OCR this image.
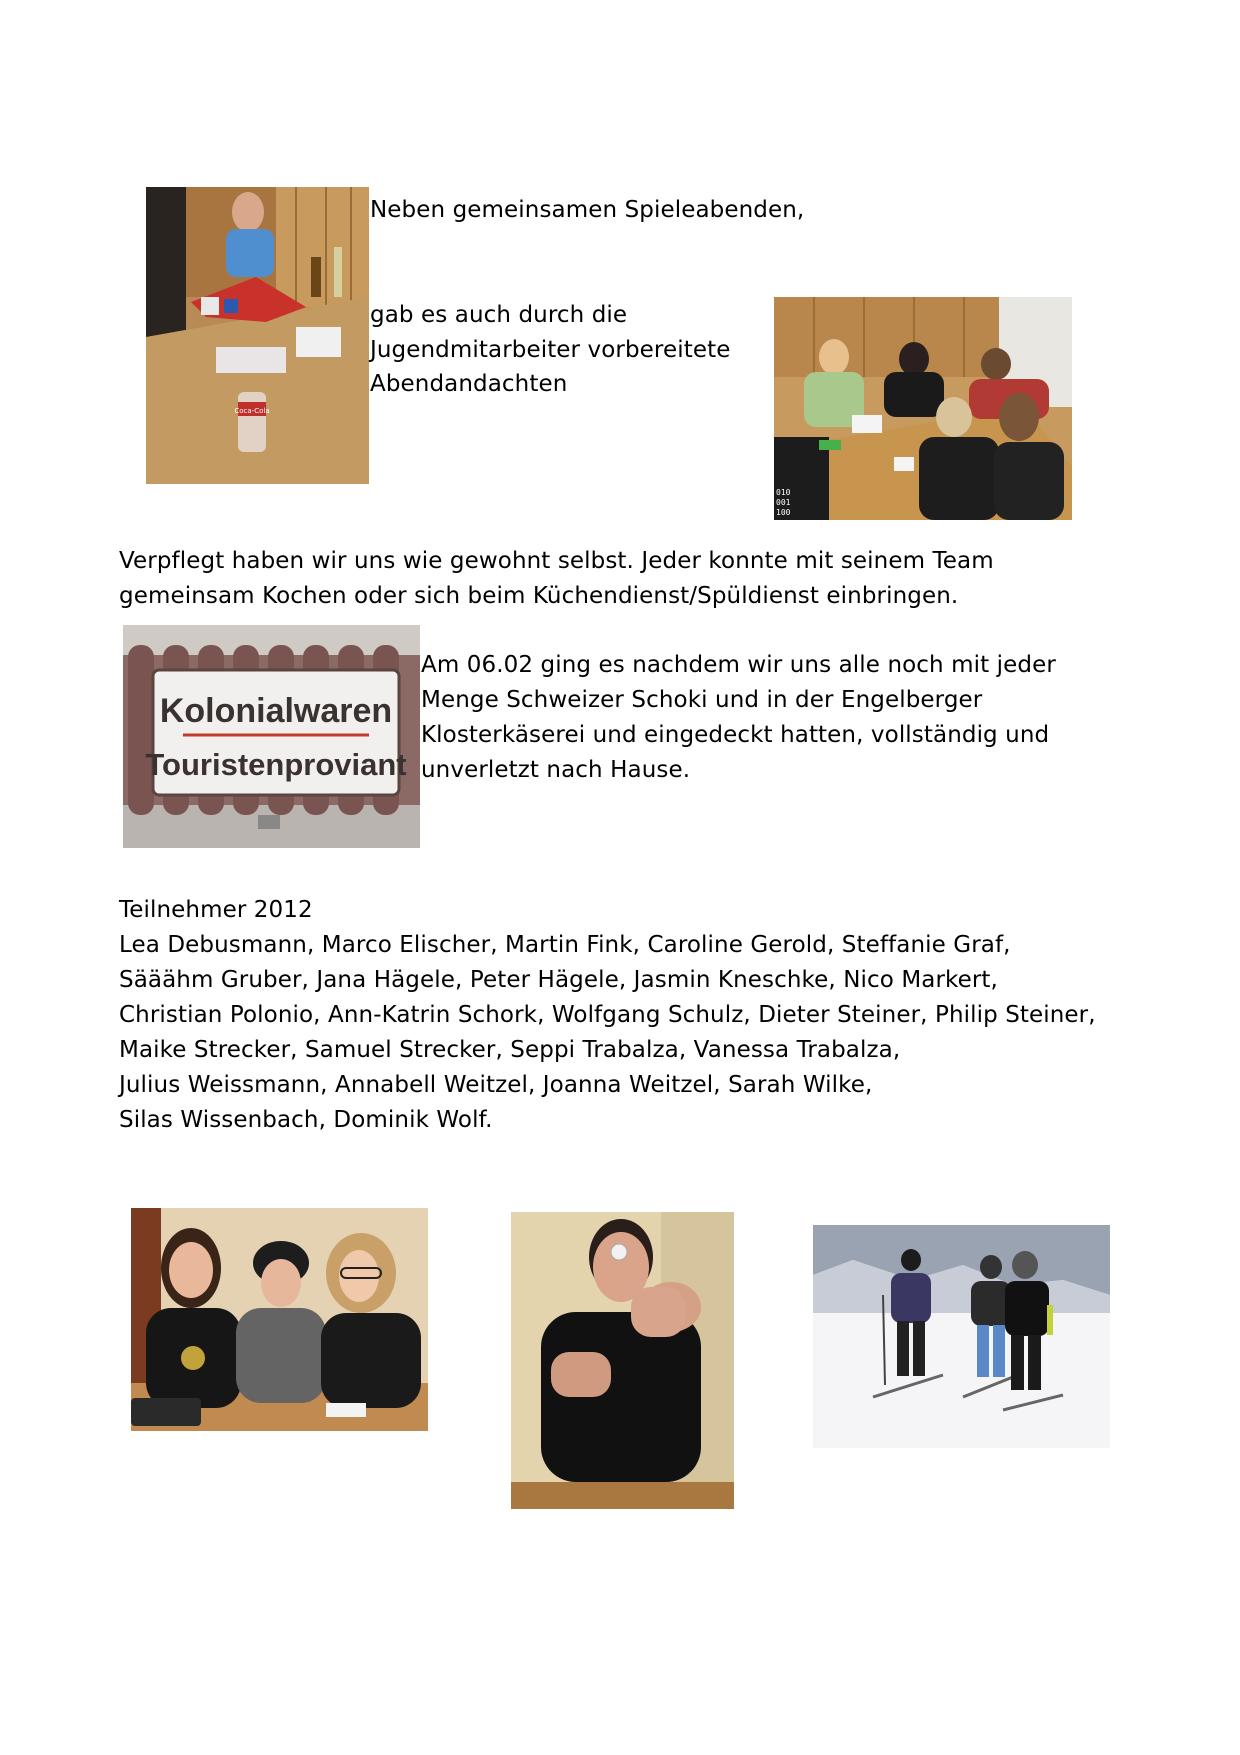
Coca-Cola
Neben gemeinsamen Spieleabenden,
gab es auch durch die
Jugendmitarbeiter vorbereitete
Abendandachten
010
001
100
Verpflegt haben wir uns wie gewohnt selbst. Jeder konnte mit seinem Team
gemeinsam Kochen oder sich beim Küchendienst/Spüldienst einbringen.
Kolonialwaren
Touristenproviant
Am 06.02 ging es nachdem wir uns alle noch mit jeder
Menge Schweizer Schoki und in der Engelberger
Klosterkäserei und eingedeckt hatten, vollständig und
unverletzt nach Hause.
Teilnehmer 2012
Lea Debusmann, Marco Elischer, Martin Fink, Caroline Gerold, Steffanie Graf,
Sääähm Gruber, Jana Hägele, Peter Hägele, Jasmin Kneschke, Nico Markert,
Christian Polonio, Ann-Katrin Schork, Wolfgang Schulz, Dieter Steiner, Philip Steiner,
Maike Strecker, Samuel Strecker, Seppi Trabalza, Vanessa Trabalza,
Julius Weissmann, Annabell Weitzel, Joanna Weitzel, Sarah Wilke,
Silas Wissenbach, Dominik Wolf.
